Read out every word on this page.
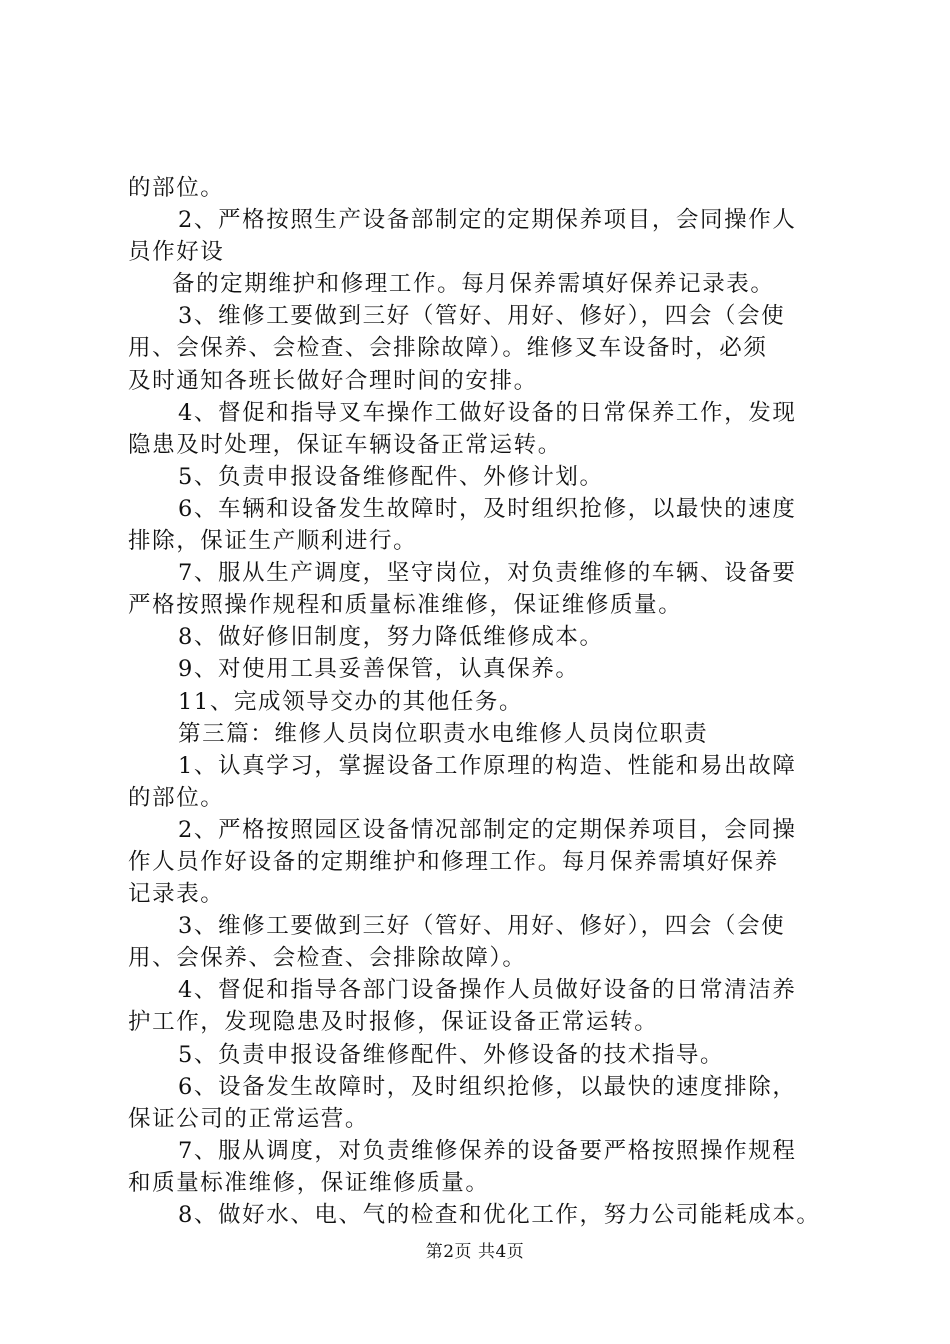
的部位。
2、严格按照生产设备部制定的定期保养项目，会同操作人
员作好设
备的定期维护和修理工作。每月保养需填好保养记录表。
3、维修工要做到三好（管好、用好、修好），四会（会使
用、会保养、会检查、会排除故障）。维修叉车设备时，必须
及时通知各班长做好合理时间的安排。
4、督促和指导叉车操作工做好设备的日常保养工作，发现
隐患及时处理，保证车辆设备正常运转。
5、负责申报设备维修配件、外修计划。
6、车辆和设备发生故障时，及时组织抢修，以最快的速度
排除，保证生产顺利进行。
7、服从生产调度，坚守岗位，对负责维修的车辆、设备要
严格按照操作规程和质量标准维修，保证维修质量。
8、做好修旧制度，努力降低维修成本。
9、对使用工具妥善保管，认真保养。
11、完成领导交办的其他任务。
第三篇：维修人员岗位职责水电维修人员岗位职责
1、认真学习，掌握设备工作原理的构造、性能和易出故障
的部位。
2、严格按照园区设备情况部制定的定期保养项目，会同操
作人员作好设备的定期维护和修理工作。每月保养需填好保养
记录表。
3、维修工要做到三好（管好、用好、修好），四会（会使
用、会保养、会检查、会排除故障）。
4、督促和指导各部门设备操作人员做好设备的日常清洁养
护工作，发现隐患及时报修，保证设备正常运转。
5、负责申报设备维修配件、外修设备的技术指导。
6、设备发生故障时，及时组织抢修，以最快的速度排除，
保证公司的正常运营。
7、服从调度，对负责维修保养的设备要严格按照操作规程
和质量标准维修，保证维修质量。
8、做好水、电、气的检查和优化工作，努力公司能耗成本。
第2页 共4页
